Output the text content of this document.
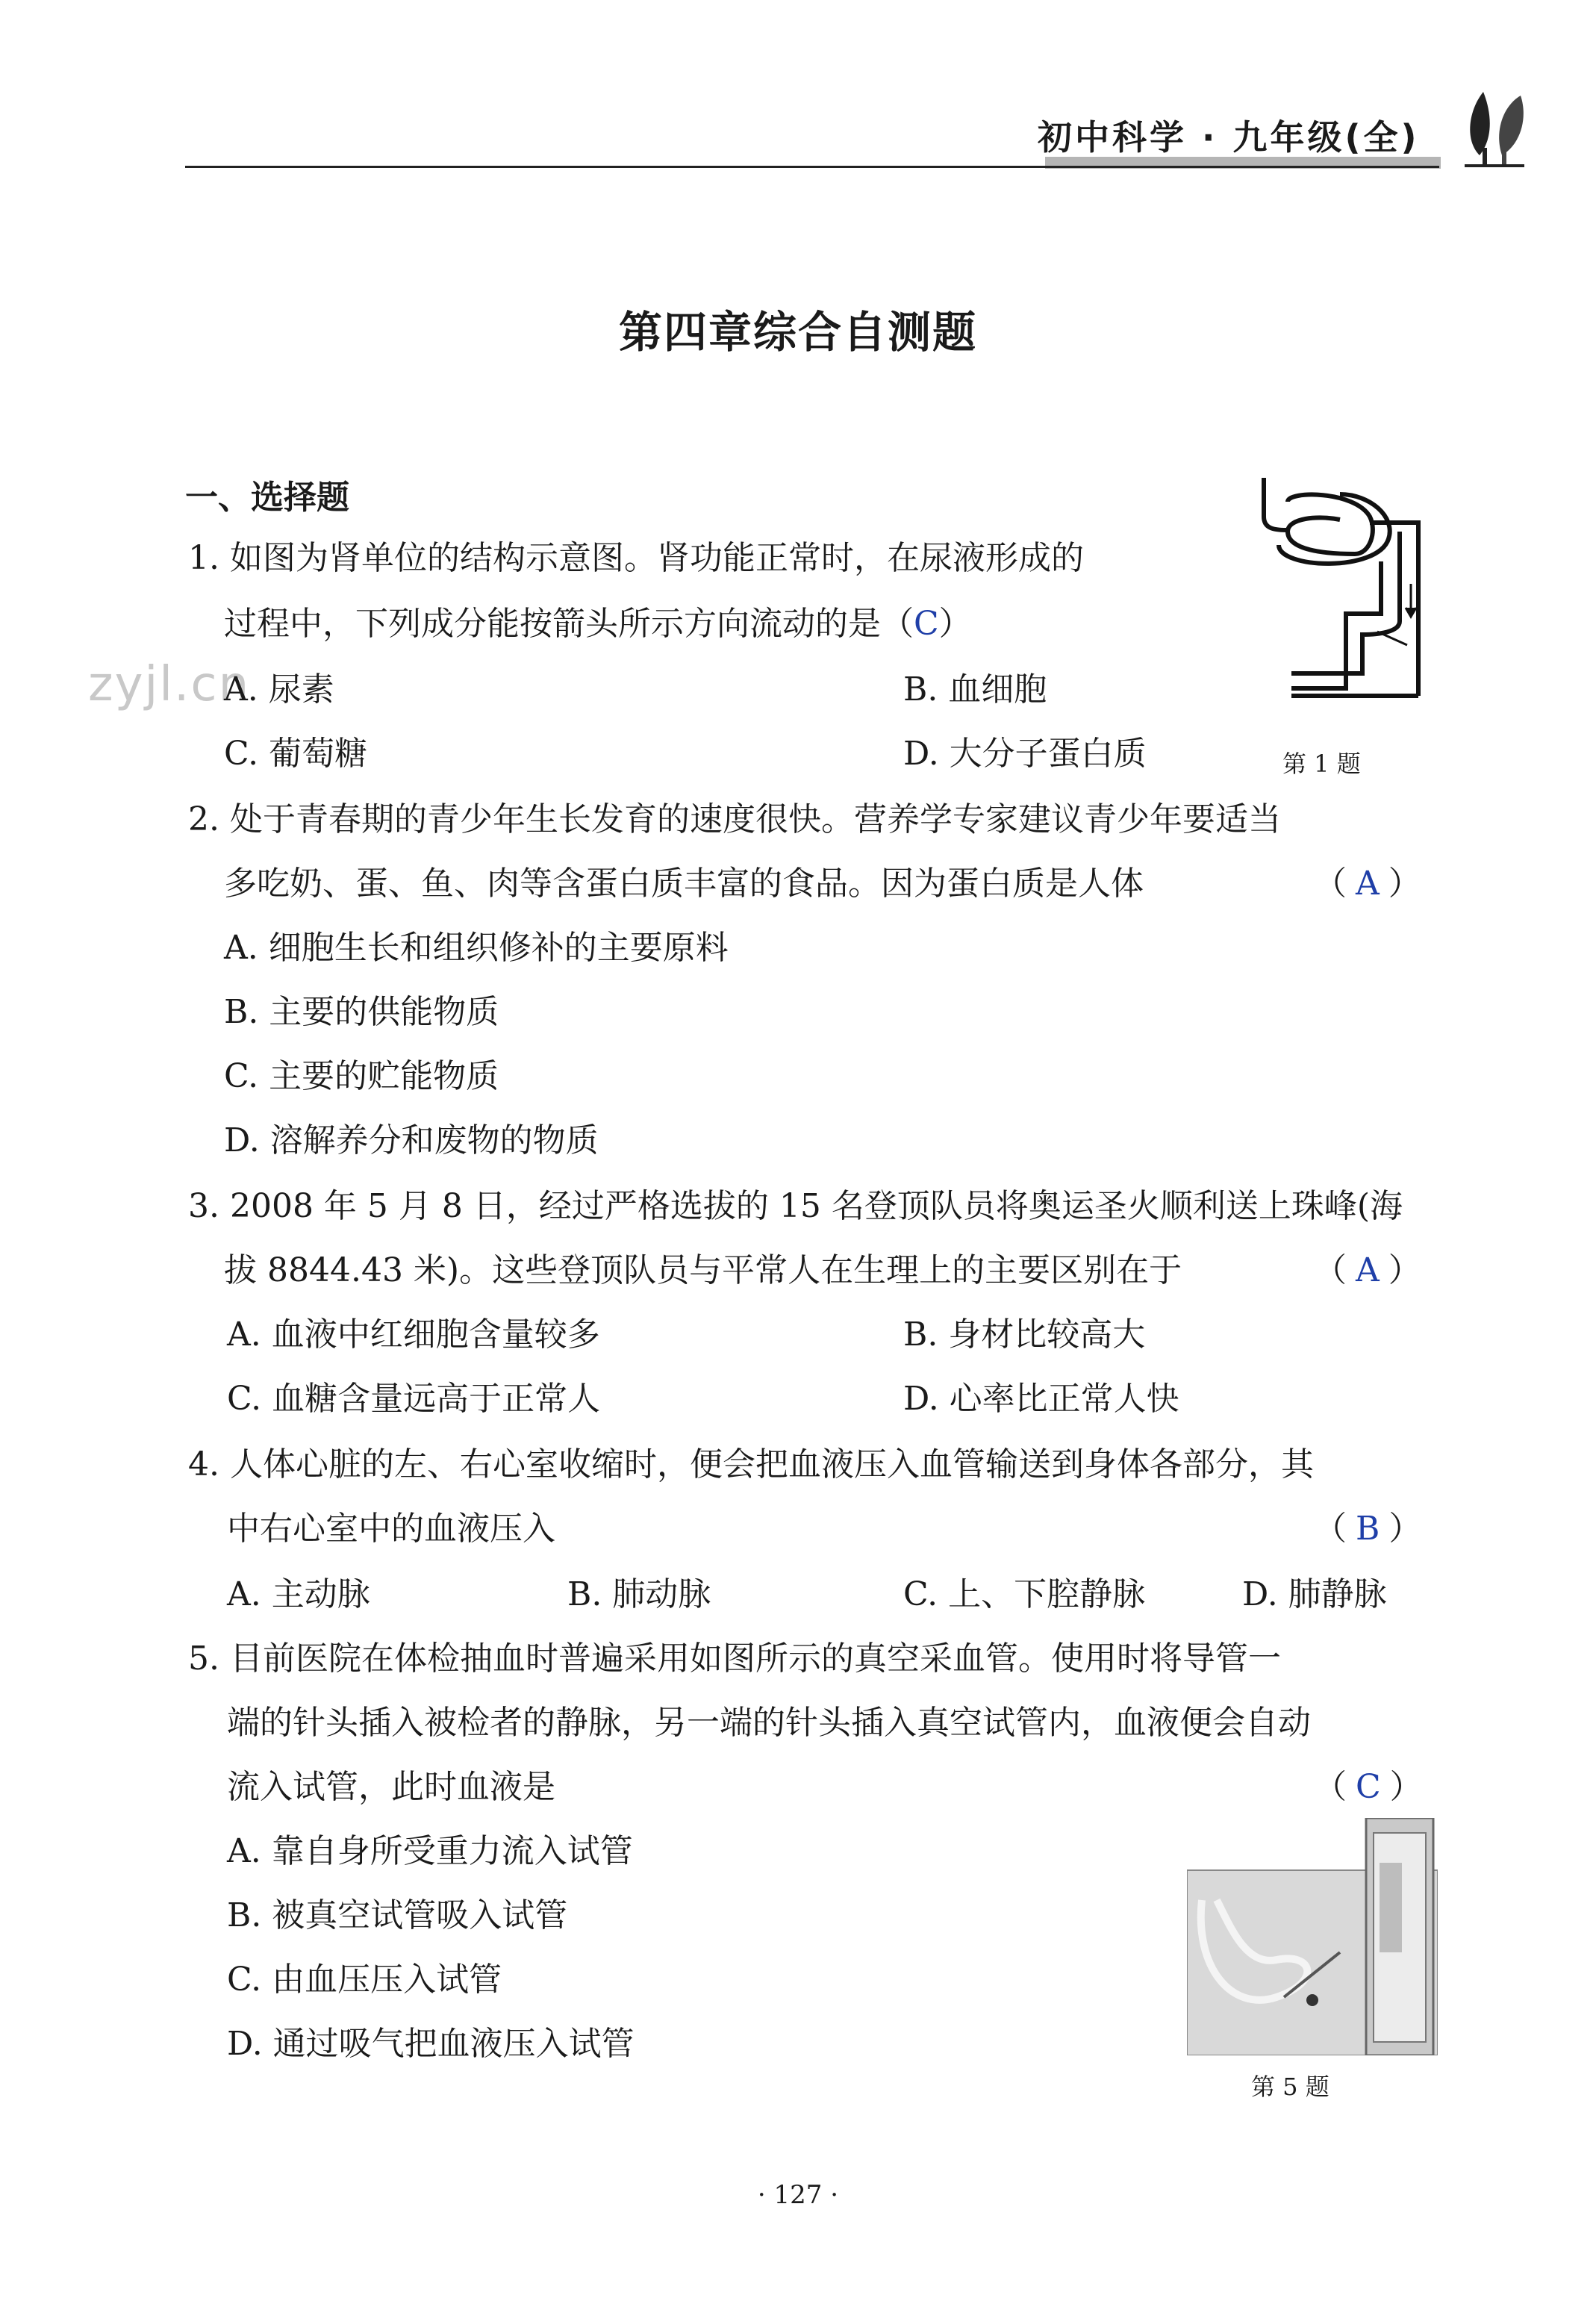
初中科学 · 九年级(全)
第四章综合自测题
zyjl.cn
一、选择题
1. 如图为肾单位的结构示意图。肾功能正常时，在尿液形成的
过程中，下列成分能按箭头所示方向流动的是（C）
A. 尿素	B. 血细胞
C. 葡萄糖	D. 大分子蛋白质	第 1 题
2. 处于青春期的青少年生长发育的速度很快。营养学专家建议青少年要适当
多吃奶、蛋、鱼、肉等含蛋白质丰富的食品。因为蛋白质是人体	（ A ）
A. 细胞生长和组织修补的主要原料
B. 主要的供能物质
C. 主要的贮能物质
D. 溶解养分和废物的物质
3. 2008 年 5 月 8 日，经过严格选拔的 15 名登顶队员将奥运圣火顺利送上珠峰(海
拔 8844.43 米)。这些登顶队员与平常人在生理上的主要区别在于	（ A ）
A. 血液中红细胞含量较多	B. 身材比较高大
C. 血糖含量远高于正常人	D. 心率比正常人快
4. 人体心脏的左、右心室收缩时，便会把血液压入血管输送到身体各部分，其
中右心室中的血液压入	（ B ）
A. 主动脉	B. 肺动脉	C. 上、下腔静脉	D. 肺静脉
5. 目前医院在体检抽血时普遍采用如图所示的真空采血管。使用时将导管一
端的针头插入被检者的静脉，另一端的针头插入真空试管内，血液便会自动
流入试管，此时血液是	（ C ）
A. 靠自身所受重力流入试管
B. 被真空试管吸入试管
C. 由血压压入试管
D. 通过吸气把血液压入试管
第 5 题
· 127 ·
